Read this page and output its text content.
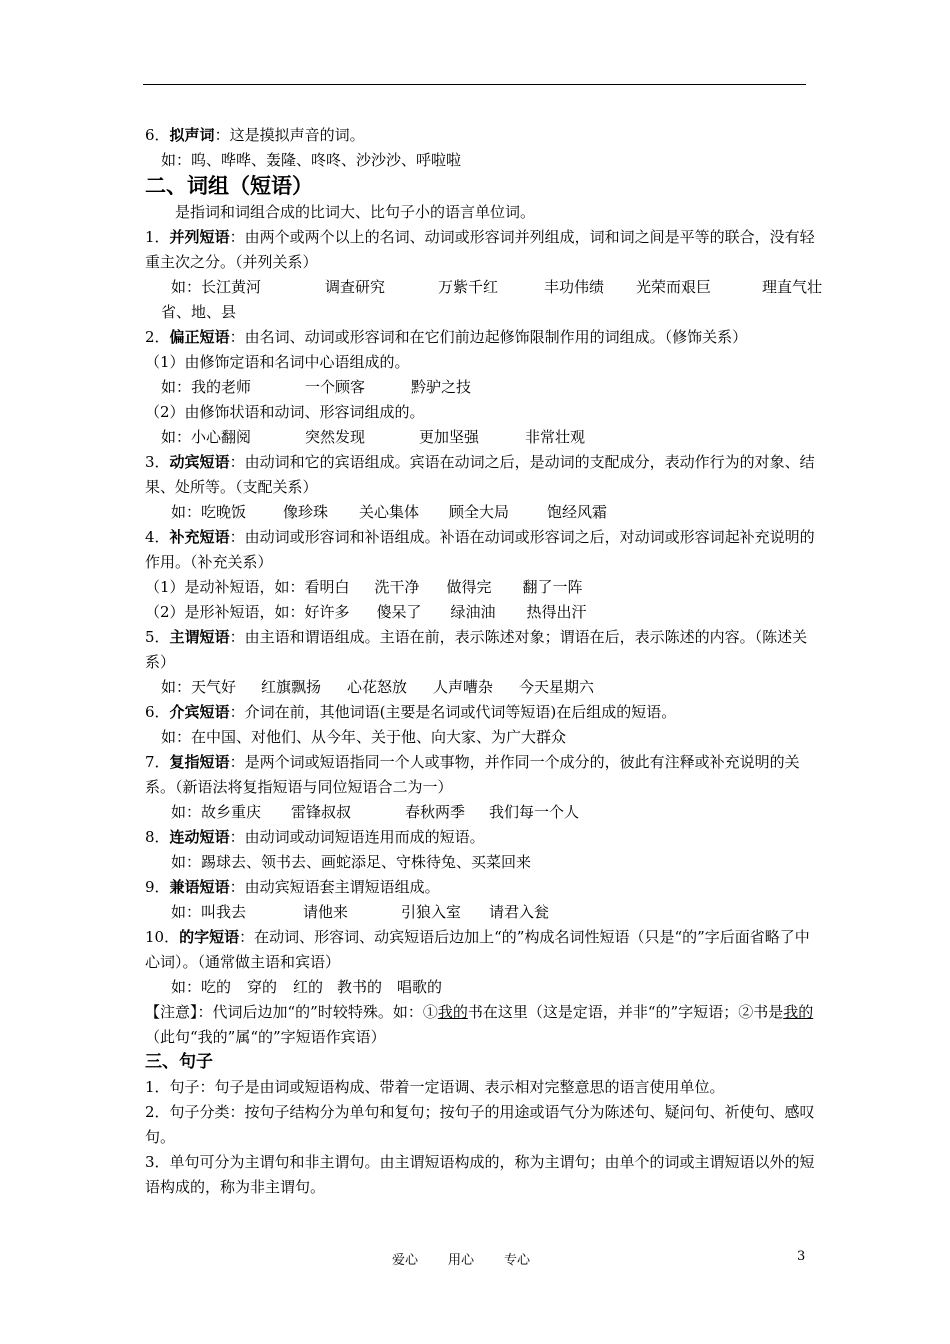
6．拟声词：这是摸拟声音的词。

如：呜、哗哗、轰隆、咚咚、沙沙沙、呼啦啦

二、词组（短语）

是指词和词组合成的比词大、比句子小的语言单位词。

1．并列短语：由两个或两个以上的名词、动词或形容词并列组成，词和词之间是平等的联合，没有轻重主次之分。（并列关系）

如：长江黄河	调查研究	万紫千红	丰功伟绩 光荣而艰巨	理直气壮

省、地、县

2．偏正短语：由名词、动词或形容词和在它们前边起修饰限制作用的词组成。（修饰关系）

（1）由修饰定语和名词中心语组成的。

如：我的老师	一个顾客	黔驴之技

（2）由修饰状语和动词、形容词组成的。

如：小心翻阅	突然发现	更加坚强	非常壮观

3．动宾短语：由动词和它的宾语组成。宾语在动词之后，是动词的支配成分，表动作行为的对象、结果、处所等。（支配关系）

如：吃晚饭 像珍珠 关心集体 顾全大局	饱经风霜

4．补充短语：由动词或形容词和补语组成。补语在动词或形容词之后，对动词或形容词起补充说明的作用。（补充关系）

（1）是动补短语，如：看明白 洗干净 做得完 翻了一阵

（2）是形补短语，如：好许多 傻呆了 绿油油 热得出汗

5．主谓短语：由主语和谓语组成。主语在前，表示陈述对象；谓语在后，表示陈述的内容。（陈述关系）

如：天气好 红旗飘扬 心花怒放 人声嘈杂 今天星期六

6．介宾短语：介词在前，其他词语(主要是名词或代词等短语)在后组成的短语。

如：在中国、对他们、从今年、关于他、向大家、为广大群众

7．复指短语：是两个词或短语指同一个人或事物，并作同一个成分的，彼此有注释或补充说明的关系。（新语法将复指短语与同位短语合二为一）

如：故乡重庆 雷锋叔叔	春秋两季 我们每一个人

8．连动短语：由动词或动词短语连用而成的短语。

如：踢球去、领书去、画蛇添足、守株待兔、买菜回来

9．兼语短语：由动宾短语套主谓短语组成。

如：叫我去	请他来	引狼入室 请君入瓮

10．的字短语：在动词、形容词、动宾短语后边加上“的”构成名词性短语（只是“的”字后面省略了中心词）。（通常做主语和宾语）

如：吃的 穿的 红的 教书的 唱歌的

【注意】：代词后边加“的”时较特殊。如：①我的书在这里（这是定语，并非“的”字短语；②书是我的（此句“我的”属“的”字短语作宾语）

三、句子

1．句子：句子是由词或短语构成、带着一定语调、表示相对完整意思的语言使用单位。

2．句子分类：按句子结构分为单句和复句；按句子的用途或语气分为陈述句、疑问句、祈使句、感叹句。

3．单句可分为主谓句和非主谓句。由主谓短语构成的，称为主谓句；由单个的词或主谓短语以外的短语构成的，称为非主谓句。

爱心 用心 专心	3
